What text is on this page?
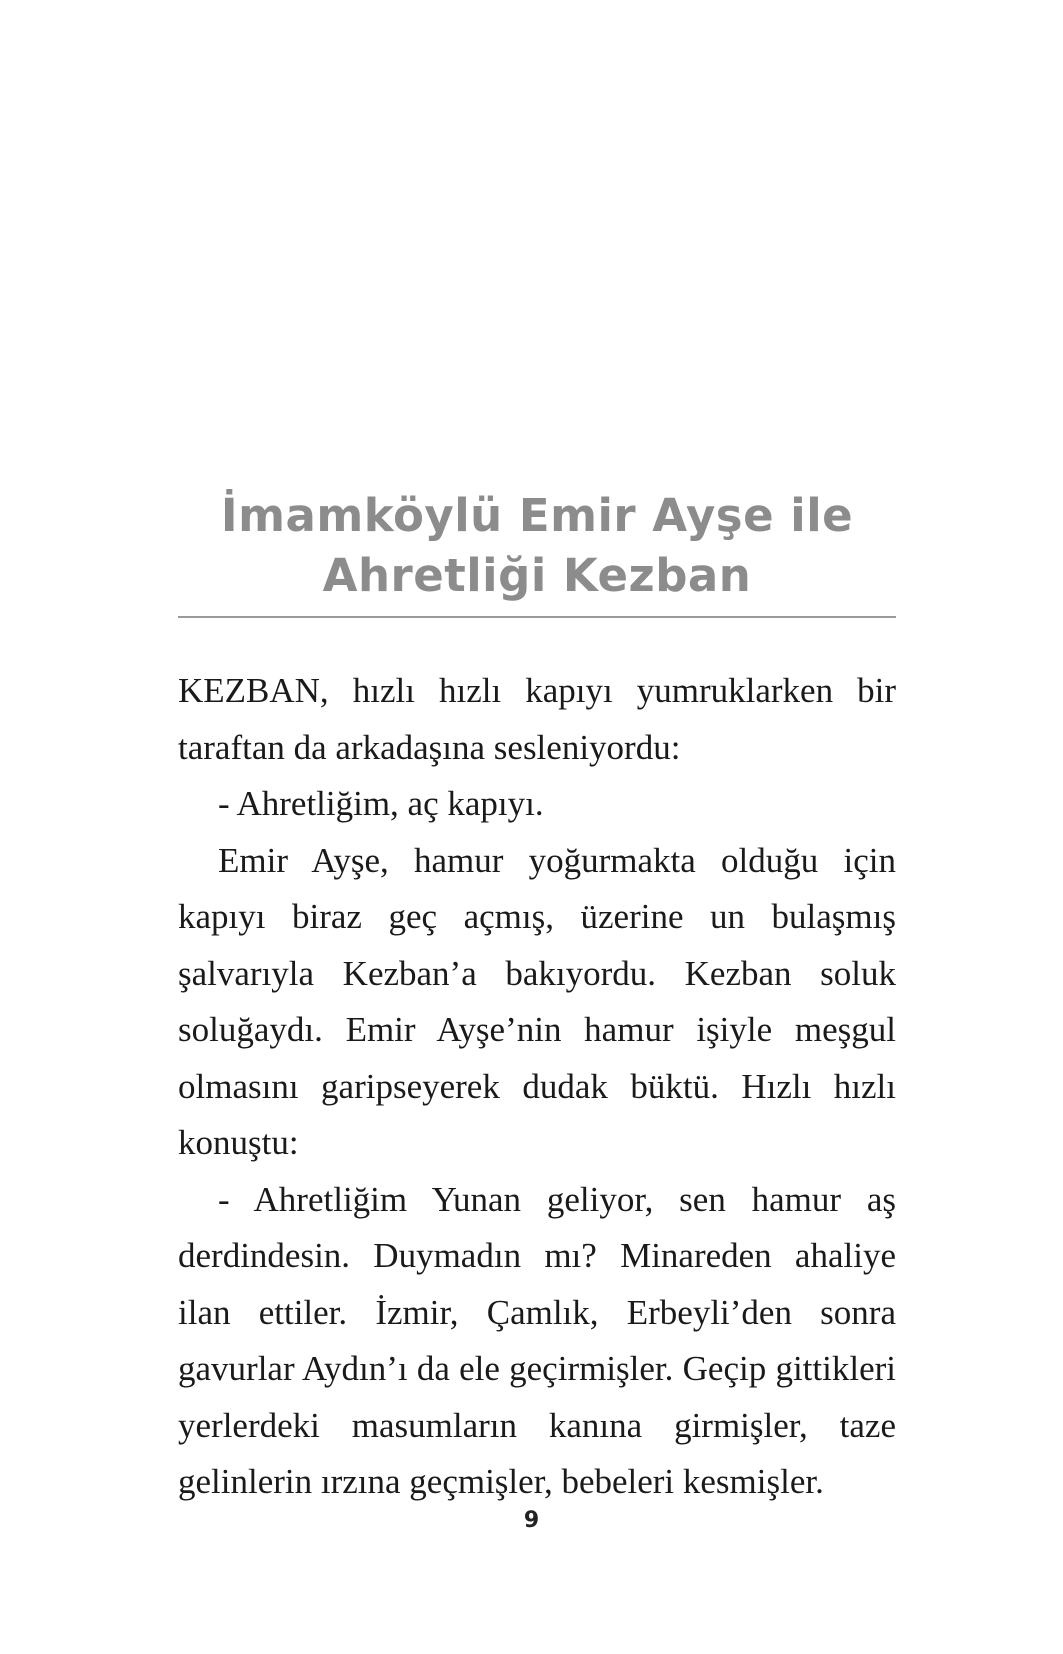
İmamköylü Emir Ayşe ile
Ahretliği Kezban

KEZBAN, hızlı hızlı kapıyı yumruklarken bir taraftan da arkadaşına sesleniyordu:

- Ahretliğim, aç kapıyı.

Emir Ayşe, hamur yoğurmakta olduğu için kapıyı biraz geç açmış, üzerine un bulaşmış şalvarıyla Kezban’a bakıyordu. Kezban soluk soluğaydı. Emir Ayşe’nin hamur işiyle meşgul olmasını garipseyerek dudak büktü. Hızlı hızlı konuştu:

- Ahretliğim Yunan geliyor, sen hamur aş derdindesin. Duymadın mı? Minareden ahaliye ilan ettiler. İzmir, Çamlık, Erbeyli’den sonra gavurlar Aydın’ı da ele geçirmişler. Geçip gittikleri yerlerdeki masumların kanına girmişler, taze gelinlerin ırzına geçmişler, bebeleri kesmişler.

9
